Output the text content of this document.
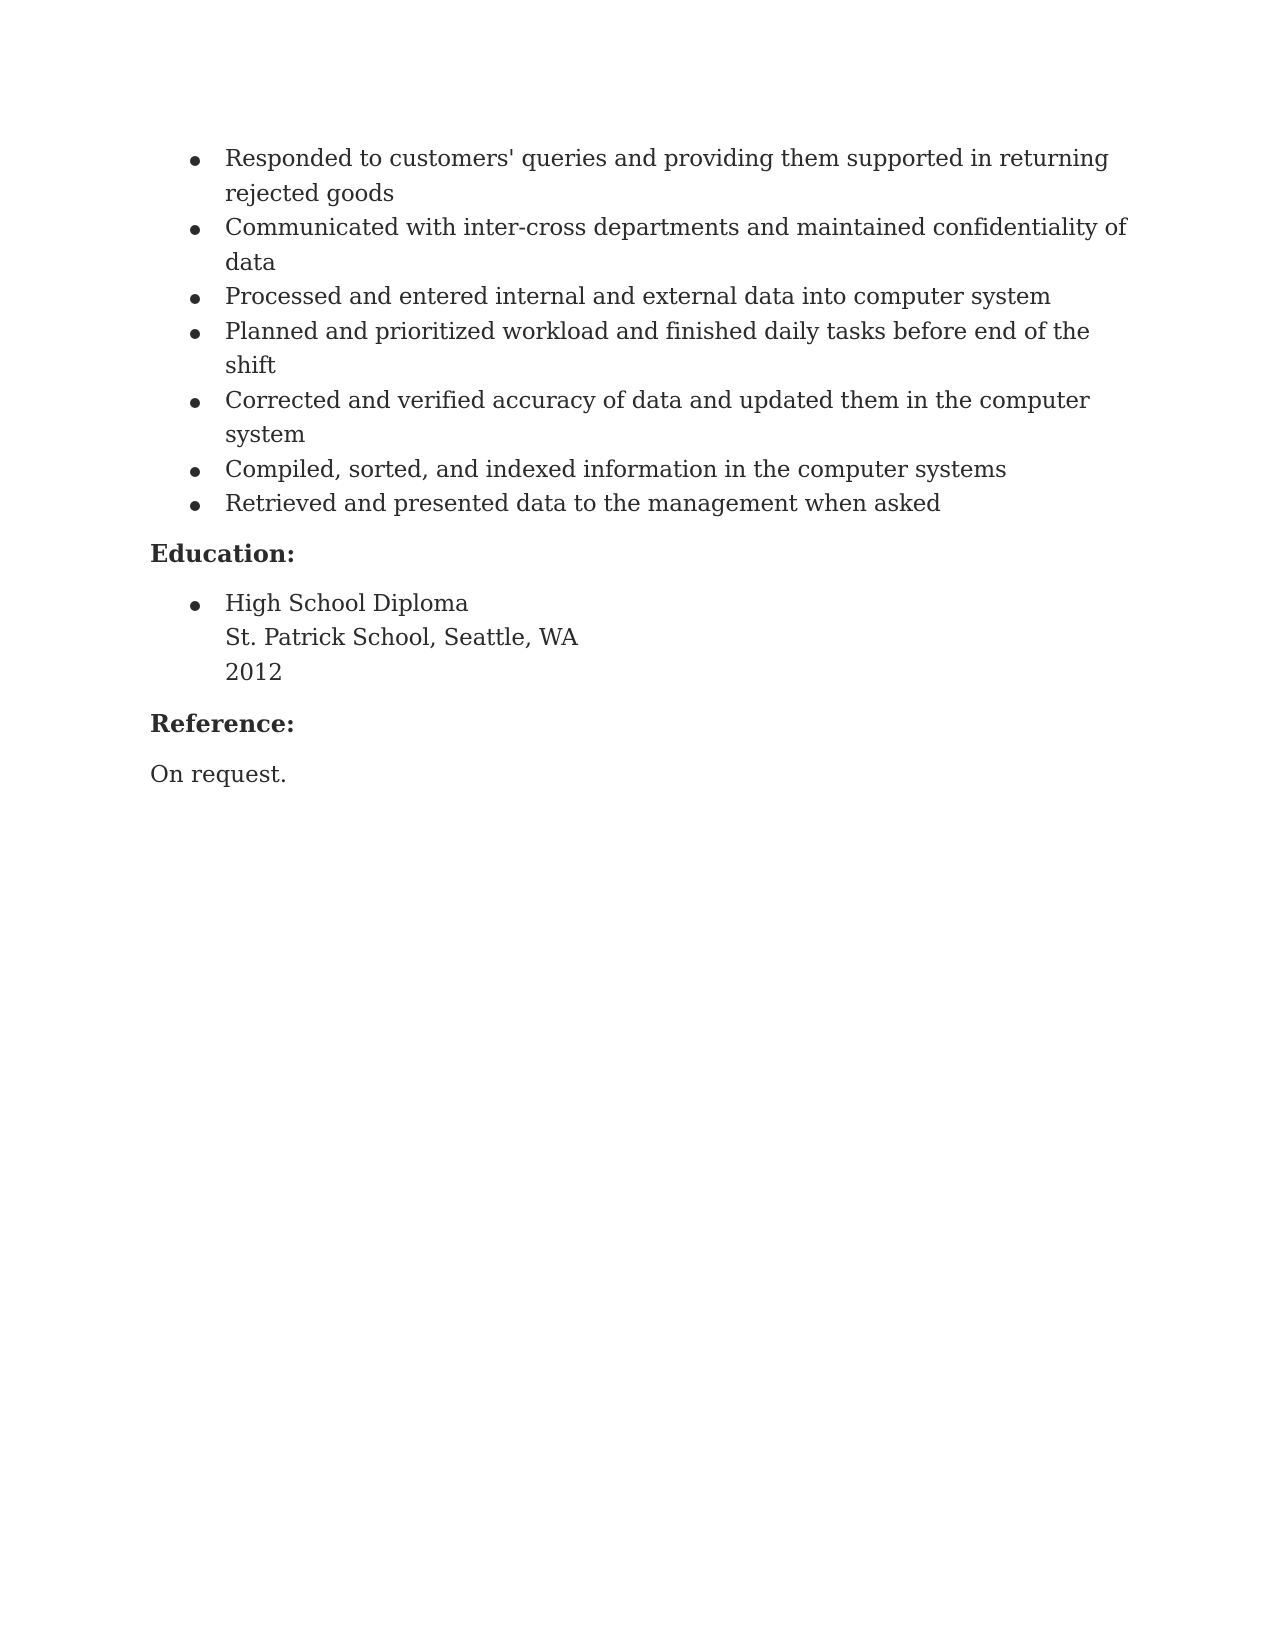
Responded to customers' queries and providing them supported in returning rejected goods
Communicated with inter-cross departments and maintained confidentiality of data
Processed and entered internal and external data into computer system
Planned and prioritized workload and finished daily tasks before end of the shift
Corrected and verified accuracy of data and updated them in the computer system
Compiled, sorted, and indexed information in the computer systems
Retrieved and presented data to the management when asked
Education:
High School Diploma
St. Patrick School, Seattle, WA
2012
Reference:

On request.
